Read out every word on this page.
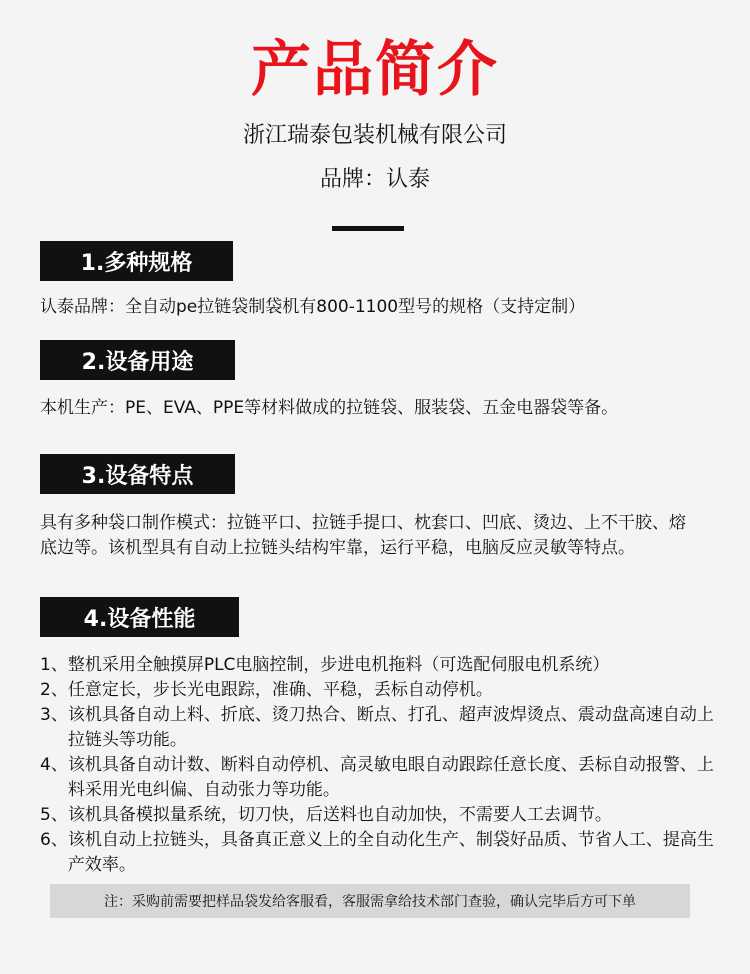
产品简介
浙江瑞泰包装机械有限公司
品牌：认泰
1.多种规格
认泰品牌：全自动pe拉链袋制袋机有800-1100型号的规格（支持定制）
2.设备用途
本机生产：PE、EVA、PPE等材料做成的拉链袋、服装袋、五金电器袋等备。
3.设备特点
具有多种袋口制作模式：拉链平口、拉链手提口、枕套口、凹底、烫边、上不干胶、熔底边等。该机型具有自动上拉链头结构牢靠，运行平稳，电脑反应灵敏等特点。
4.设备性能
1、 整机采用全触摸屏PLC电脑控制，步进电机拖料（可选配伺服电机系统）
2、 任意定长，步长光电跟踪，准确、平稳，丢标自动停机。
3、 该机具备自动上料、折底、烫刀热合、断点、打孔、超声波焊烫点、震动盘高速自动上拉链头等功能。
4、 该机具备自动计数、断料自动停机、高灵敏电眼自动跟踪任意长度、丢标自动报警、上料采用光电纠偏、自动张力等功能。
5、 该机具备模拟量系统，切刀快，后送料也自动加快，不需要人工去调节。
6、 该机自动上拉链头，具备真正意义上的全自动化生产、制袋好品质、节省人工、提高生产效率。
注：采购前需要把样品袋发给客服看，客服需拿给技术部门查验，确认完毕后方可下单
